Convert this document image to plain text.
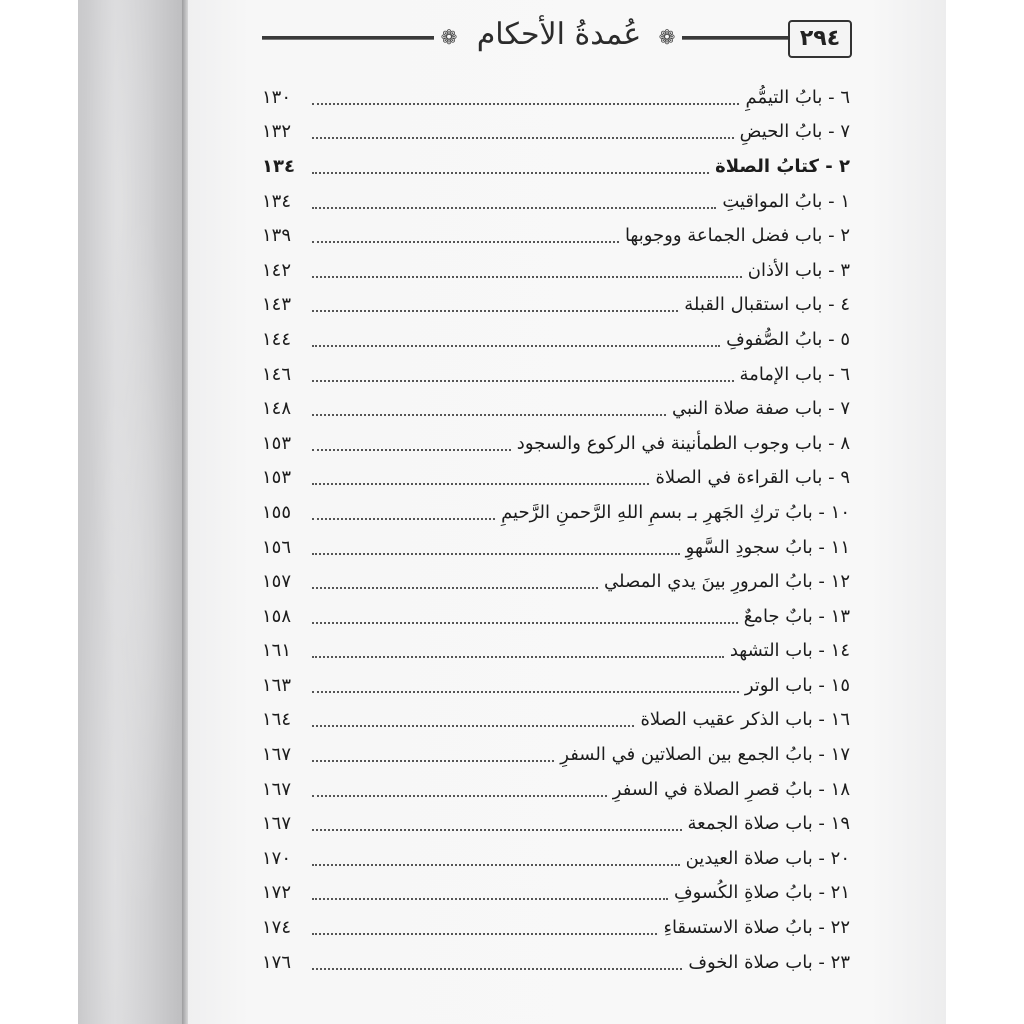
❁ عُمدةُ الأحكام ❁	٢٩٤
١٣٠	٦ - بابُ التيمُّمِ
١٣٢	٧ - بابُ الحيضِ
١٣٤	٢ - كتابُ الصلاة
١٣٤	١ - بابُ المواقيتِ
١٣٩	٢ - باب فضل الجماعة ووجوبها
١٤٢	٣ - باب الأذان
١٤٣	٤ - باب استقبال القبلة
١٤٤	٥ - بابُ الصُّفوفِ
١٤٦	٦ - باب الإمامة
١٤٨	٧ - باب صفة صلاة النبي
١٥٣	٨ - باب وجوب الطمأنينة في الركوع والسجود
١٥٣	٩ - باب القراءة في الصلاة
١٥٥	١٠ - بابُ تركِ الجَهرِ بـ بسمِ اللهِ الرَّحمنِ الرَّحيمِ
١٥٦	١١ - بابُ سجودِ السَّهوِ
١٥٧	١٢ - بابُ المرورِ بينَ يدي المصلي
١٥٨	١٣ - بابٌ جامعٌ
١٦١	١٤ - باب التشهد
١٦٣	١٥ - باب الوتر
١٦٤	١٦ - باب الذكر عقيب الصلاة
١٦٧	١٧ - بابُ الجمع بين الصلاتين في السفرِ
١٦٧	١٨ - بابُ قصرِ الصلاة في السفرِ
١٦٧	١٩ - باب صلاة الجمعة
١٧٠	٢٠ - باب صلاة العيدين
١٧٢	٢١ - بابُ صلاةِ الكُسوفِ
١٧٤	٢٢ - بابُ صلاة الاستسقاءِ
١٧٦	٢٣ - باب صلاة الخوف
